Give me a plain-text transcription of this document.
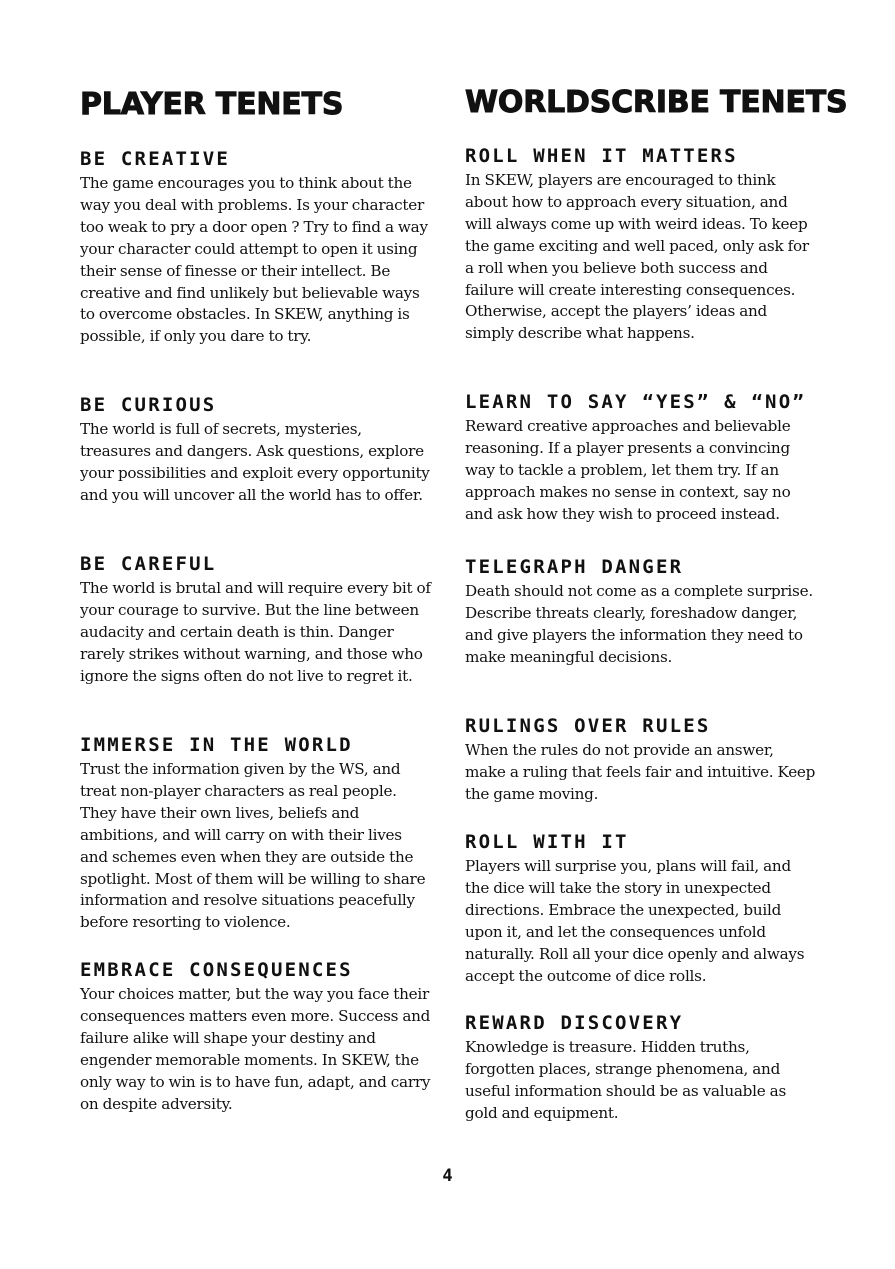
PLAYER TENETS
BE CREATIVE

The game encourages you to think about the way you deal with problems. Is your character too weak to pry a door open ? Try to find a way your character could attempt to open it using their sense of finesse or their intellect. Be creative and find unlikely but believable ways to overcome obstacles. In SKEW, anything is possible, if only you dare to try.

BE CURIOUS

The world is full of secrets, mysteries, treasures and dangers. Ask questions, explore your possibilities and exploit every opportunity and you will uncover all the world has to offer.

BE CAREFUL

The world is brutal and will require every bit of your courage to survive. But the line between audacity and certain death is thin. Danger rarely strikes without warning, and those who ignore the signs often do not live to regret it.

IMMERSE IN THE WORLD

Trust the information given by the WS, and treat non-player characters as real people. They have their own lives, beliefs and ambitions, and will carry on with their lives and schemes even when they are outside the spotlight. Most of them will be willing to share information and resolve situations peacefully before resorting to violence.

EMBRACE CONSEQUENCES

Your choices matter, but the way you face their consequences matters even more. Success and failure alike will shape your destiny and engender memorable moments. In SKEW, the only way to win is to have fun, adapt, and carry on despite adversity.

WORLDSCRIBE TENETS
ROLL WHEN IT MATTERS

In SKEW, players are encouraged to think about how to approach every situation, and will always come up with weird ideas. To keep the game exciting and well paced, only ask for a roll when you believe both success and failure will create interesting consequences. Otherwise, accept the players’ ideas and simply describe what happens.

LEARN TO SAY “YES” & “NO”

Reward creative approaches and believable reasoning. If a player presents a convincing way to tackle a problem, let them try. If an approach makes no sense in context, say no and ask how they wish to proceed instead.

TELEGRAPH DANGER

Death should not come as a complete surprise. Describe threats clearly, foreshadow danger, and give players the information they need to make meaningful decisions.

RULINGS OVER RULES

When the rules do not provide an answer, make a ruling that feels fair and intuitive. Keep the game moving.

ROLL WITH IT

Players will surprise you, plans will fail, and the dice will take the story in unexpected directions. Embrace the unexpected, build upon it, and let the consequences unfold naturally. Roll all your dice openly and always accept the outcome of dice rolls.

REWARD DISCOVERY

Knowledge is treasure. Hidden truths, forgotten places, strange phenomena, and useful information should be as valuable as gold and equipment.

4
